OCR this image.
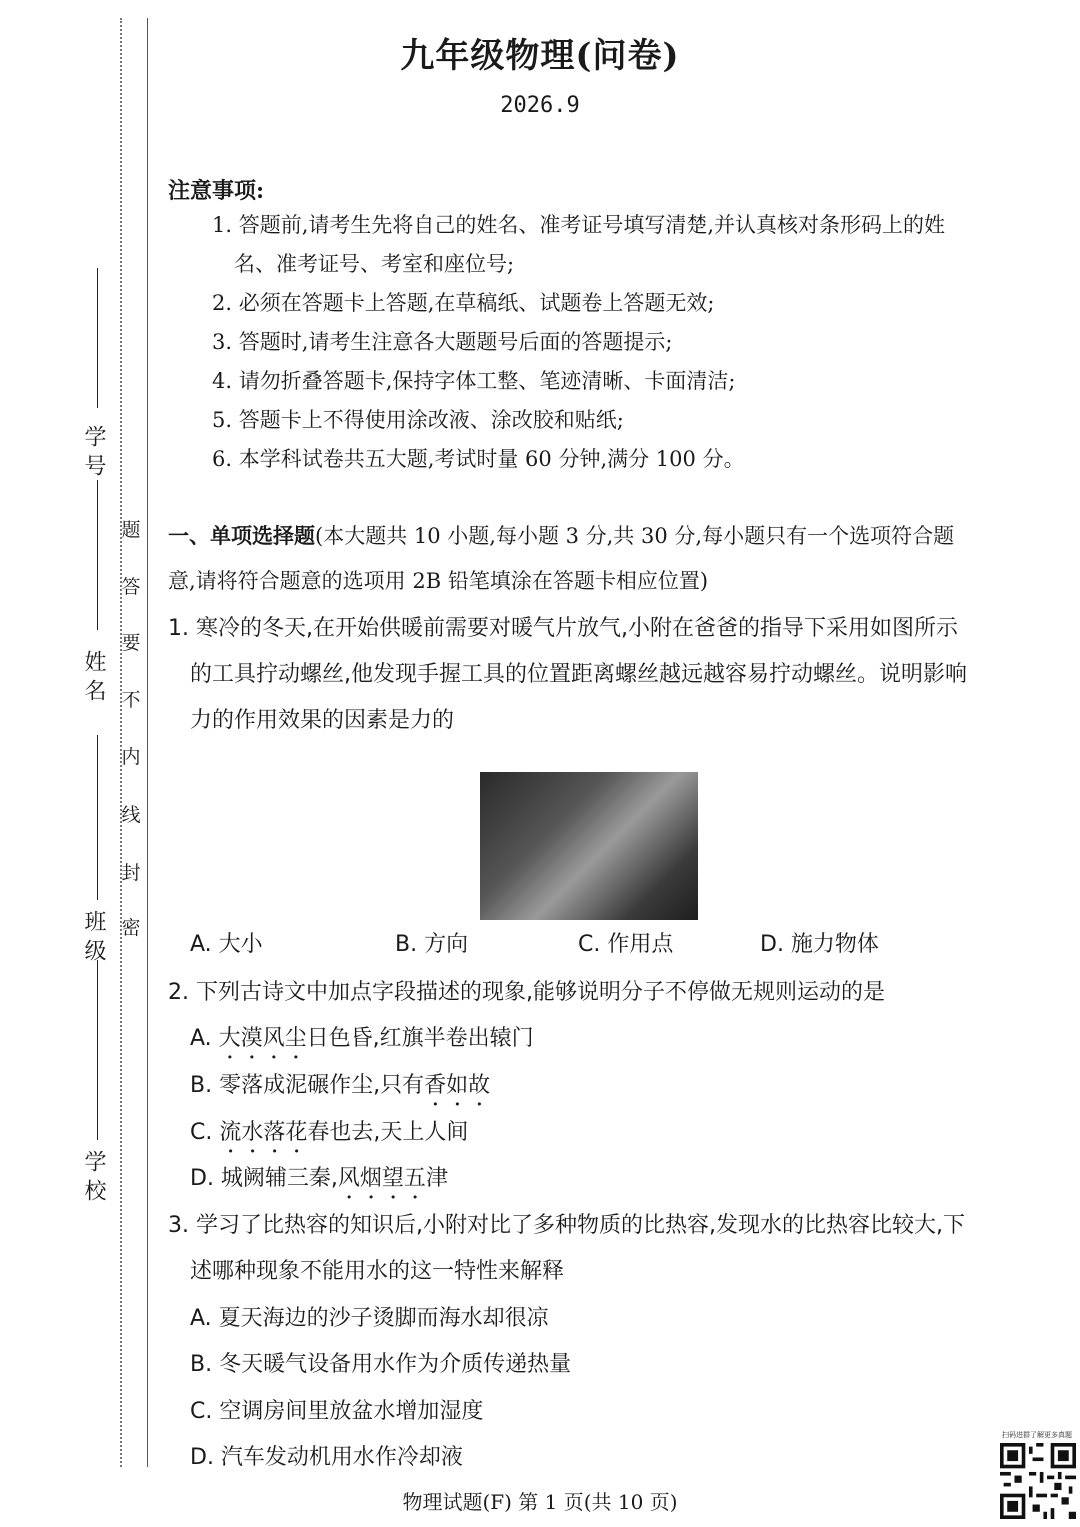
学 号
姓 名
班 级
学 校
密
封
线
内
不
要
答
题
九年级物理(问卷)
2026.9
注意事项:
1. 答题前,请考生先将自己的姓名、准考证号填写清楚,并认真核对条形码上的姓
名、准考证号、考室和座位号;
2. 必须在答题卡上答题,在草稿纸、试题卷上答题无效;
3. 答题时,请考生注意各大题题号后面的答题提示;
4. 请勿折叠答题卡,保持字体工整、笔迹清晰、卡面清洁;
5. 答题卡上不得使用涂改液、涂改胶和贴纸;
6. 本学科试卷共五大题,考试时量 60 分钟,满分 100 分。
一、单项选择题(本大题共 10 小题,每小题 3 分,共 30 分,每小题只有一个选项符合题
意,请将符合题意的选项用 2B 铅笔填涂在答题卡相应位置)
1. 寒冷的冬天,在开始供暖前需要对暖气片放气,小附在爸爸的指导下采用如图所示
的工具拧动螺丝,他发现手握工具的位置距离螺丝越远越容易拧动螺丝。说明影响
力的作用效果的因素是力的
A. 大小	B. 方向	C. 作用点	D. 施力物体
2. 下列古诗文中加点字段描述的现象,能够说明分子不停做无规则运动的是
A. 大漠风尘日色昏,红旗半卷出辕门
B. 零落成泥碾作尘,只有香如故
C. 流水落花春也去,天上人间
D. 城阙辅三秦,风烟望五津
3. 学习了比热容的知识后,小附对比了多种物质的比热容,发现水的比热容比较大,下
述哪种现象不能用水的这一特性来解释
A. 夏天海边的沙子烫脚而海水却很凉
B. 冬天暖气设备用水作为介质传递热量
C. 空调房间里放盆水增加湿度
D. 汽车发动机用水作冷却液
物理试题(F) 第 1 页(共 10 页)
扫码进群了解更多真题
